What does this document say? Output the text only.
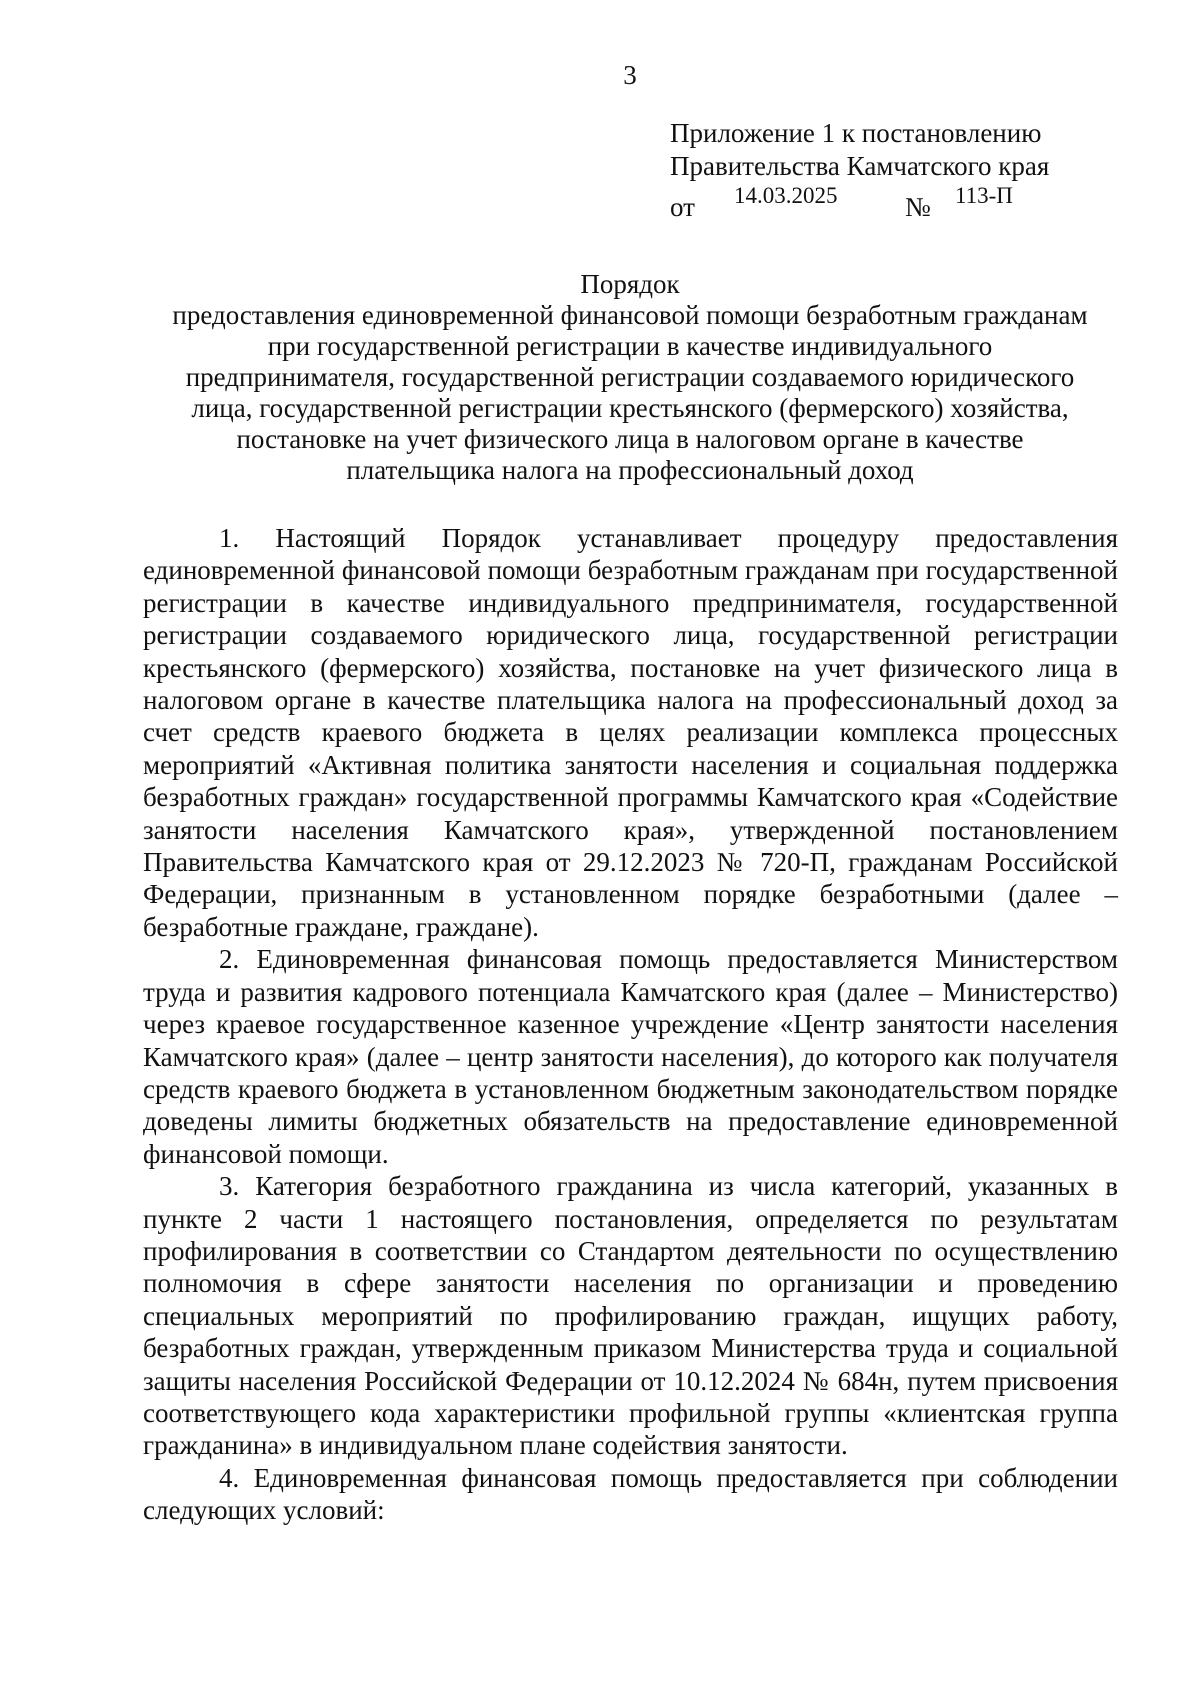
3
Приложение 1 к постановлению
Правительства Камчатского края
от 14.03.2025	№ 113-П
Порядок
предоставления единовременной финансовой помощи безработным гражданам
при государственной регистрации в качестве индивидуального
предпринимателя, государственной регистрации создаваемого юридического
лица, государственной регистрации крестьянского (фермерского) хозяйства,
постановке на учет физического лица в налоговом органе в качестве
плательщика налога на профессиональный доход

1. Настоящий Порядок устанавливает процедуру предоставления единовременной финансовой помощи безработным гражданам при государственной регистрации в качестве индивидуального предпринимателя, государственной регистрации создаваемого юридического лица, государственной регистрации крестьянского (фермерского) хозяйства, постановке на учет физического лица в налоговом органе в качестве плательщика налога на профессиональный доход за счет средств краевого бюджета в целях реализации комплекса процессных мероприятий «Активная политика занятости населения и социальная поддержка безработных граждан» государственной программы Камчатского края «Содействие занятости населения Камчатского края», утвержденной постановлением Правительства Камчатского края от 29.12.2023 № 720-П, гражданам Российской Федерации, признанным в установленном порядке безработными (далее – безработные граждане, граждане).

2. Единовременная финансовая помощь предоставляется Министерством труда и развития кадрового потенциала Камчатского края (далее – Министерство) через краевое государственное казенное учреждение «Центр занятости населения Камчатского края» (далее – центр занятости населения), до которого как получателя средств краевого бюджета в установленном бюджетным законодательством порядке доведены лимиты бюджетных обязательств на предоставление единовременной финансовой помощи.

3. Категория безработного гражданина из числа категорий, указанных в пункте 2 части 1 настоящего постановления, определяется по результатам профилирования в соответствии со Стандартом деятельности по осуществлению полномочия в сфере занятости населения по организации и проведению специальных мероприятий по профилированию граждан, ищущих работу, безработных граждан, утвержденным приказом Министерства труда и социальной защиты населения Российской Федерации от 10.12.2024 № 684н, путем присвоения соответствующего кода характеристики профильной группы «клиентская группа гражданина» в индивидуальном плане содействия занятости.

4. Единовременная финансовая помощь предоставляется при соблюдении следующих условий:
